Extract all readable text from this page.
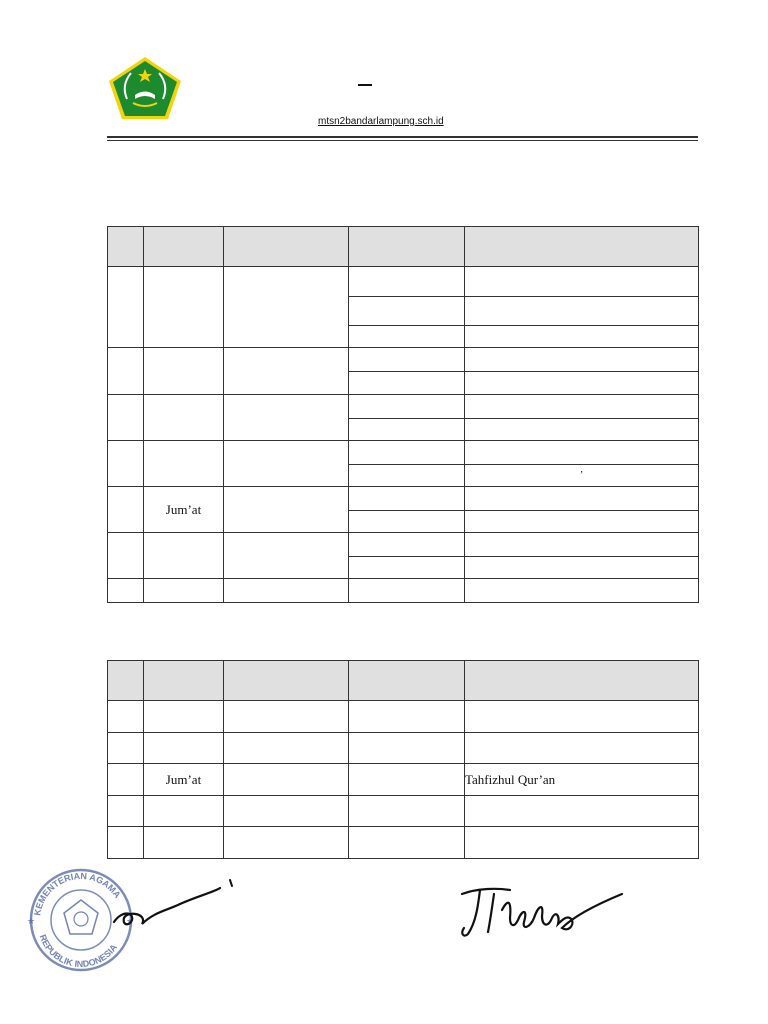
mtsn2bandarlampung.sch.id

				’
	Jum’at			

	Jum’at			Tahfizhul Qur’an

KEMENTERIAN AGAMA
REPUBLIK INDONESIA
★	★
